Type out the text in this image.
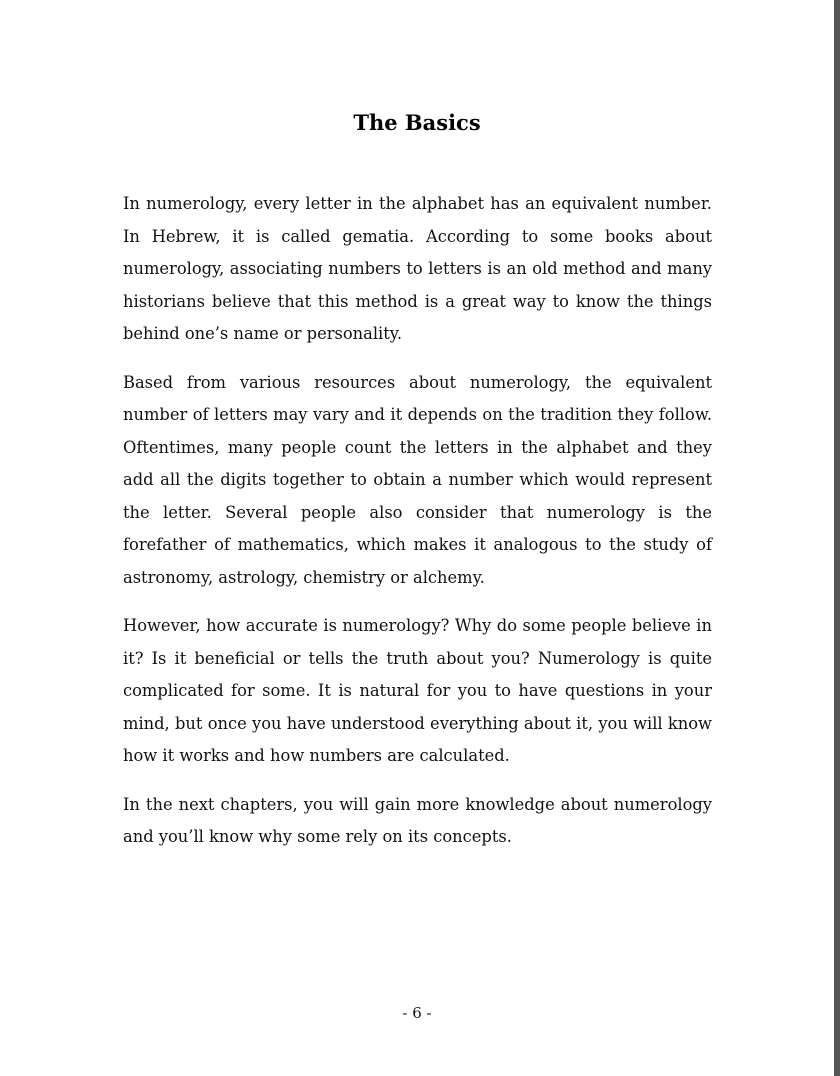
The Basics

In numerology, every letter in the alphabet has an equivalent number. In Hebrew, it is called gematia. According to some books about numerology, associating numbers to letters is an old method and many historians believe that this method is a great way to know the things behind one’s name or personality.

Based from various resources about numerology, the equivalent number of letters may vary and it depends on the tradition they follow. Oftentimes, many people count the letters in the alphabet and they add all the digits together to obtain a number which would represent the letter. Several people also consider that numerology is the forefather of mathematics, which makes it analogous to the study of astronomy, astrology, chemistry or alchemy.

However, how accurate is numerology? Why do some people believe in it? Is it beneficial or tells the truth about you? Numerology is quite complicated for some. It is natural for you to have questions in your mind, but once you have understood everything about it, you will know how it works and how numbers are calculated.

In the next chapters, you will gain more knowledge about numerology and you’ll know why some rely on its concepts.

- 6 -
